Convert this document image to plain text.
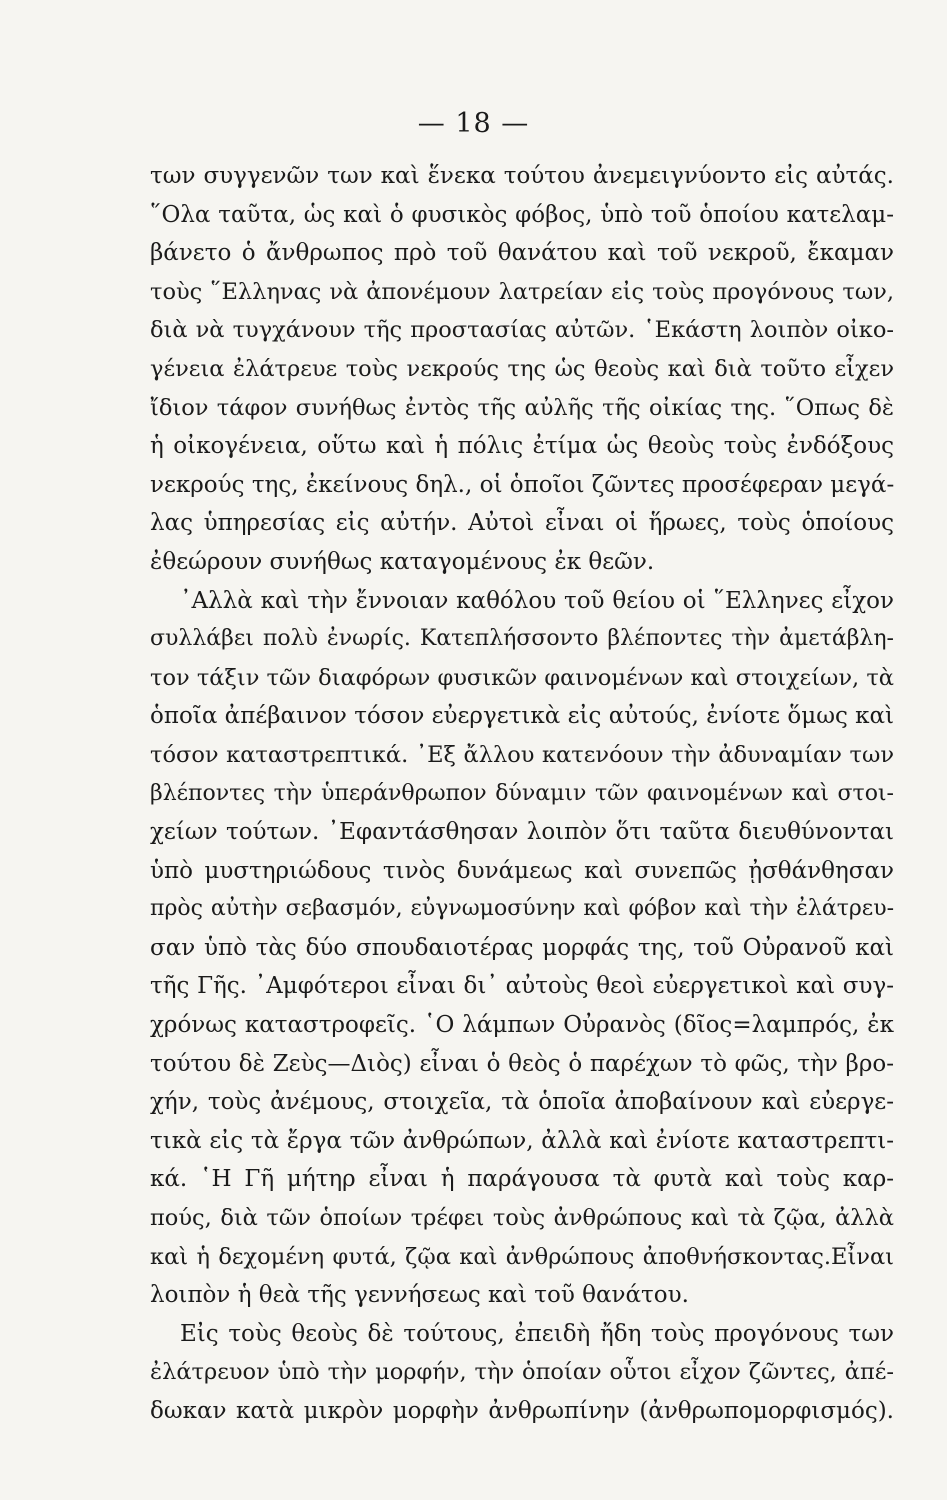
— 18 —
των συγγενῶν των καὶ ἕνεκα τούτου ἀνεμειγνύοντο εἰς αὐτάς.
῞Ολα ταῦτα, ὡς καὶ ὁ φυσικὸς φόβος, ὑπὸ τοῦ ὁποίου κατελαμ-
βάνετο ὁ ἄνθρωπος πρὸ τοῦ θανάτου καὶ τοῦ νεκροῦ, ἔκαμαν
τοὺς ῞Ελληνας νὰ ἀπονέμουν λατρείαν εἰς τοὺς προγόνους των,
διὰ νὰ τυγχάνουν τῆς προστασίας αὐτῶν. ῾Εκάστη λοιπὸν οἰκο-
γένεια ἐλάτρευε τοὺς νεκρούς της ὡς θεοὺς καὶ διὰ τοῦτο εἶχεν
ἴδιον τάφον συνήθως ἐντὸς τῆς αὐλῆς τῆς οἰκίας της. ῞Οπως δὲ
ἡ οἰκογένεια, οὕτω καὶ ἡ πόλις ἐτίμα ὡς θεοὺς τοὺς ἐνδόξους
νεκρούς της, ἐκείνους δηλ., οἱ ὁποῖοι ζῶντες προσέφεραν μεγά-
λας ὑπηρεσίας εἰς αὐτήν. Αὐτοὶ εἶναι οἱ ἥρωες, τοὺς ὁποίους
ἐθεώρουν συνήθως καταγομένους ἐκ θεῶν.
᾿Αλλὰ καὶ τὴν ἔννοιαν καθόλου τοῦ θείου οἱ ῞Ελληνες εἶχον
συλλάβει πολὺ ἐνωρίς. Κατεπλήσσοντο βλέποντες τὴν ἀμετάβλη-
τον τάξιν τῶν διαφόρων φυσικῶν φαινομένων καὶ στοιχείων, τὰ
ὁποῖα ἀπέβαινον τόσον εὐεργετικὰ εἰς αὐτούς, ἐνίοτε ὅμως καὶ
τόσον καταστρεπτικά. ᾿Εξ ἄλλου κατενόουν τὴν ἀδυναμίαν των
βλέποντες τὴν ὑπεράνθρωπον δύναμιν τῶν φαινομένων καὶ στοι-
χείων τούτων. ᾿Εφαντάσθησαν λοιπὸν ὅτι ταῦτα διευθύνονται
ὑπὸ μυστηριώδους τινὸς δυνάμεως καὶ συνεπῶς ᾐσθάνθησαν
πρὸς αὐτὴν σεβασμόν, εὐγνωμοσύνην καὶ φόβον καὶ τὴν ἐλάτρευ-
σαν ὑπὸ τὰς δύο σπουδαιοτέρας μορφάς της, τοῦ Οὐρανοῦ καὶ
τῆς Γῆς. ᾿Αμφότεροι εἶναι δι᾿ αὐτοὺς θεοὶ εὐεργετικοὶ καὶ συγ-
χρόνως καταστροφεῖς. ῾Ο λάμπων Οὐρανὸς (δῖος=λαμπρός, ἐκ
τούτου δὲ Ζεὺς—Διὸς) εἶναι ὁ θεὸς ὁ παρέχων τὸ φῶς, τὴν βρο-
χήν, τοὺς ἀνέμους, στοιχεῖα, τὰ ὁποῖα ἀποβαίνουν καὶ εὐεργε-
τικὰ εἰς τὰ ἔργα τῶν ἀνθρώπων, ἀλλὰ καὶ ἐνίοτε καταστρεπτι-
κά. ῾Η Γῆ μήτηρ εἶναι ἡ παράγουσα τὰ φυτὰ καὶ τοὺς καρ-
πούς, διὰ τῶν ὁποίων τρέφει τοὺς ἀνθρώπους καὶ τὰ ζῷα, ἀλλὰ
καὶ ἡ δεχομένη φυτά, ζῷα καὶ ἀνθρώπους ἀποθνήσκοντας.Εἶναι
λοιπὸν ἡ θεὰ τῆς γεννήσεως καὶ τοῦ θανάτου.
Εἰς τοὺς θεοὺς δὲ τούτους, ἐπειδὴ ἤδη τοὺς προγόνους των
ἐλάτρευον ὑπὸ τὴν μορφήν, τὴν ὁποίαν οὗτοι εἶχον ζῶντες, ἀπέ-
δωκαν κατὰ μικρὸν μορφὴν ἀνθρωπίνην (ἀνθρωπομορφισμός).
